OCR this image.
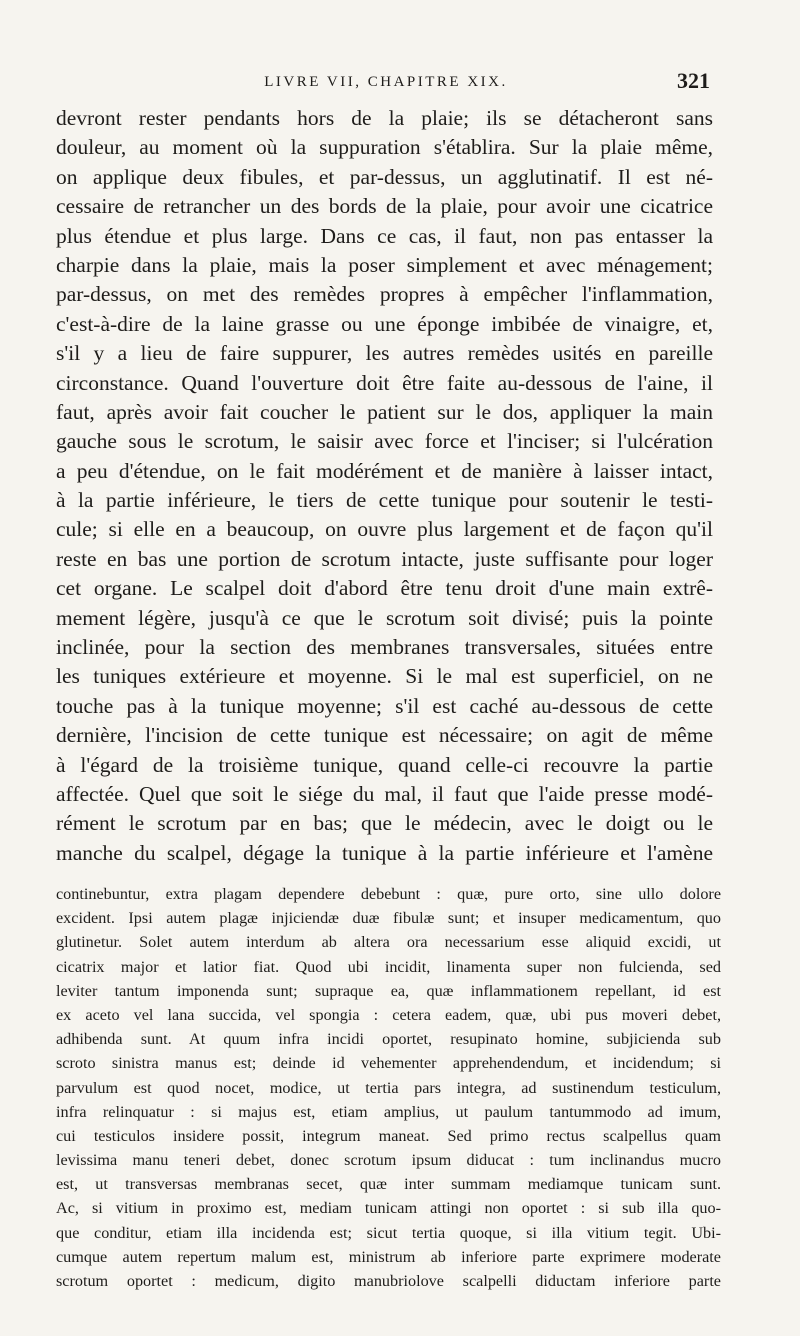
LIVRE VII, CHAPITRE XIX.	321
devront rester pendants hors de la plaie; ils se détacheront sans
douleur, au moment où la suppuration s'établira. Sur la plaie même,
on applique deux fibules, et par-dessus, un agglutinatif. Il est né-
cessaire de retrancher un des bords de la plaie, pour avoir une cicatrice
plus étendue et plus large. Dans ce cas, il faut, non pas entasser la
charpie dans la plaie, mais la poser simplement et avec ménagement;
par-dessus, on met des remèdes propres à empêcher l'inflammation,
c'est-à-dire de la laine grasse ou une éponge imbibée de vinaigre, et,
s'il y a lieu de faire suppurer, les autres remèdes usités en pareille
circonstance. Quand l'ouverture doit être faite au-dessous de l'aine, il
faut, après avoir fait coucher le patient sur le dos, appliquer la main
gauche sous le scrotum, le saisir avec force et l'inciser; si l'ulcération
a peu d'étendue, on le fait modérément et de manière à laisser intact,
à la partie inférieure, le tiers de cette tunique pour soutenir le testi-
cule; si elle en a beaucoup, on ouvre plus largement et de façon qu'il
reste en bas une portion de scrotum intacte, juste suffisante pour loger
cet organe. Le scalpel doit d'abord être tenu droit d'une main extrê-
mement légère, jusqu'à ce que le scrotum soit divisé; puis la pointe
inclinée, pour la section des membranes transversales, situées entre
les tuniques extérieure et moyenne. Si le mal est superficiel, on ne
touche pas à la tunique moyenne; s'il est caché au-dessous de cette
dernière, l'incision de cette tunique est nécessaire; on agit de même
à l'égard de la troisième tunique, quand celle-ci recouvre la partie
affectée. Quel que soit le siége du mal, il faut que l'aide presse modé-
rément le scrotum par en bas; que le médecin, avec le doigt ou le
manche du scalpel, dégage la tunique à la partie inférieure et l'amène
continebuntur, extra plagam dependere debebunt : quæ, pure orto, sine ullo dolore
excident. Ipsi autem plagæ injiciendæ duæ fibulæ sunt; et insuper medicamentum, quo
glutinetur. Solet autem interdum ab altera ora necessarium esse aliquid excidi, ut
cicatrix major et latior fiat. Quod ubi incidit, linamenta super non fulcienda, sed
leviter tantum imponenda sunt; supraque ea, quæ inflammationem repellant, id est
ex aceto vel lana succida, vel spongia : cetera eadem, quæ, ubi pus moveri debet,
adhibenda sunt. At quum infra incidi oportet, resupinato homine, subjicienda sub
scroto sinistra manus est; deinde id vehementer apprehendendum, et incidendum; si
parvulum est quod nocet, modice, ut tertia pars integra, ad sustinendum testiculum,
infra relinquatur : si majus est, etiam amplius, ut paulum tantummodo ad imum,
cui testiculos insidere possit, integrum maneat. Sed primo rectus scalpellus quam
levissima manu teneri debet, donec scrotum ipsum diducat : tum inclinandus mucro
est, ut transversas membranas secet, quæ inter summam mediamque tunicam sunt.
Ac, si vitium in proximo est, mediam tunicam attingi non oportet : si sub illa quo-
que conditur, etiam illa incidenda est; sicut tertia quoque, si illa vitium tegit. Ubi-
cumque autem repertum malum est, ministrum ab inferiore parte exprimere moderate
scrotum oportet : medicum, digito manubriolove scalpelli diductam inferiore parte
